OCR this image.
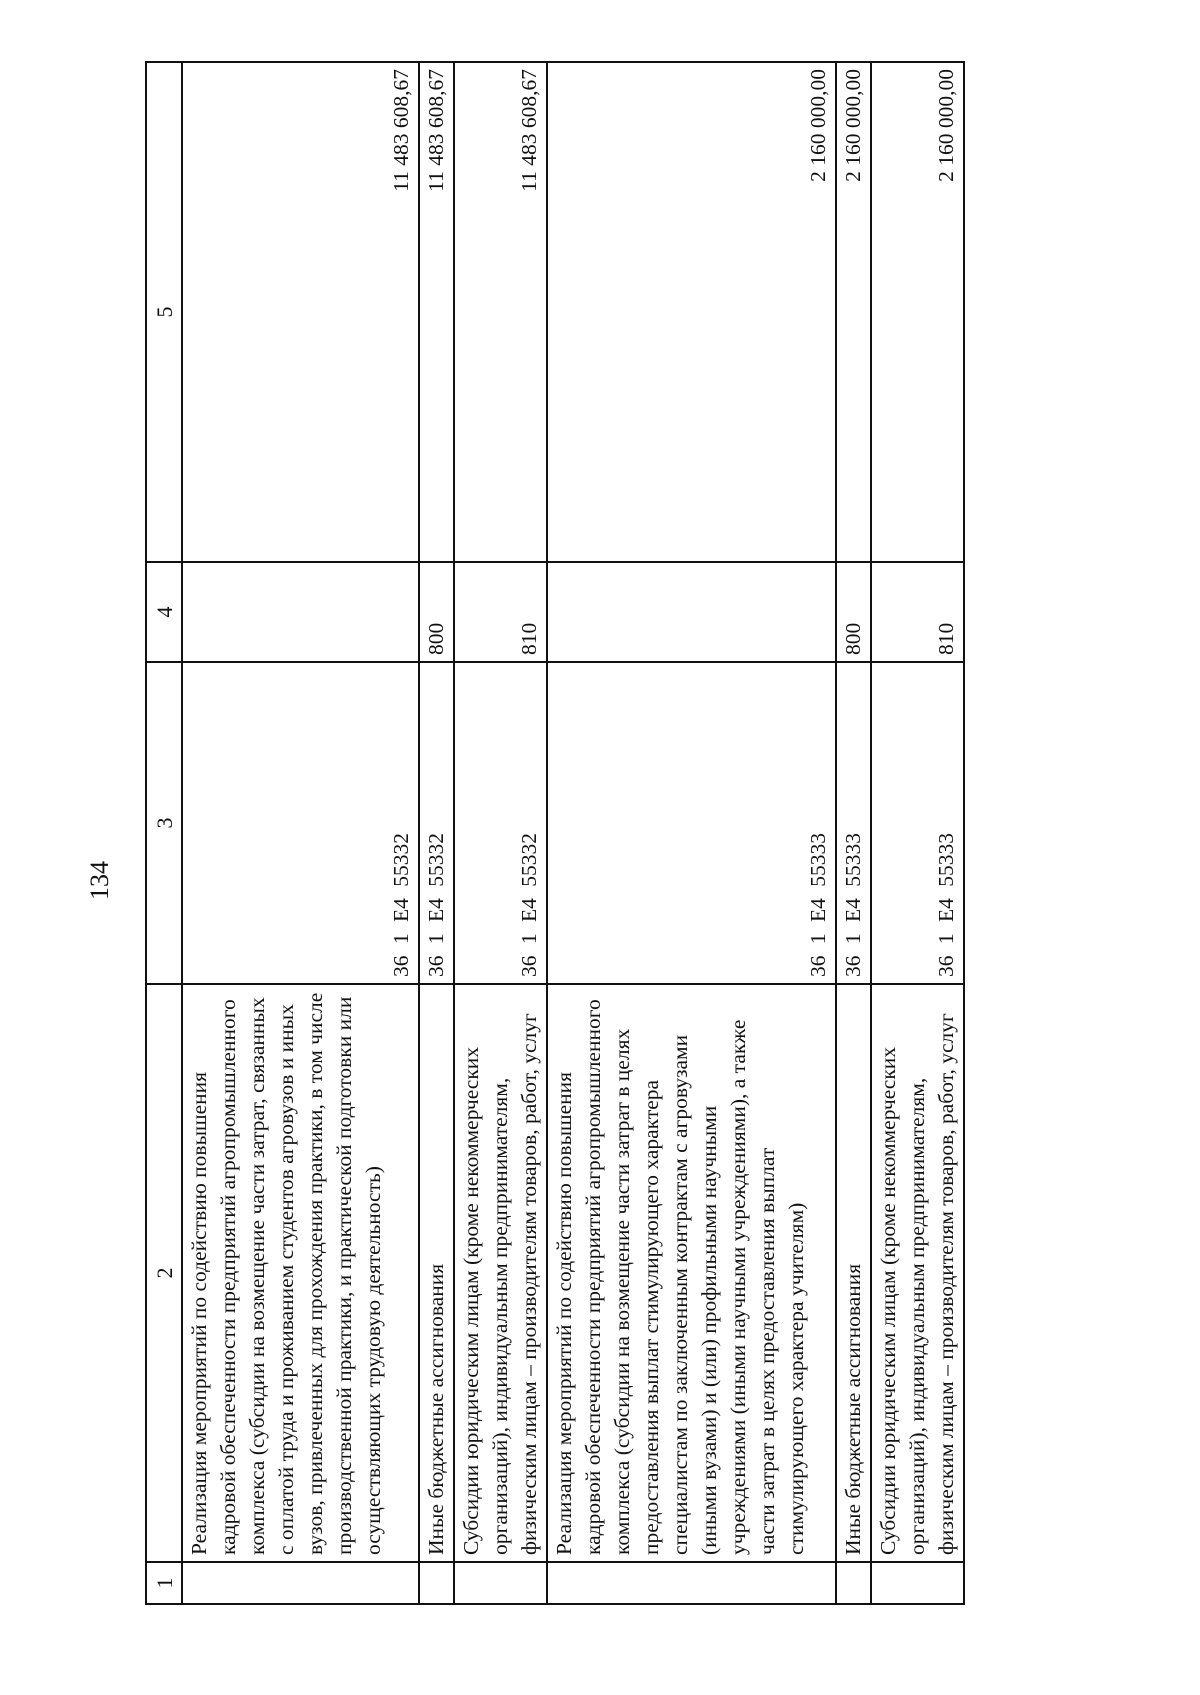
134
1	2	3	4	5
	Реализация мероприятий по содействию повышения кадровой обеспеченности предприятий агропромышленного комплекса (субсидии на возмещение части затрат, связанных с оплатой труда и проживанием студентов агровузов и иных вузов, привлеченных для прохождения практики, в том числе производственной практики, и практической подготовки или осуществляющих трудовую деятельность)	36 1 Е4 55332		11 483 608,67
	Иные бюджетные ассигнования	36 1 Е4 55332	800	11 483 608,67
	Субсидии юридическим лицам (кроме некоммерческих организаций), индивидуальным предпринимателям, физическим лицам – производителям товаров, работ, услуг	36 1 Е4 55332	810	11 483 608,67
	Реализация мероприятий по содействию повышения кадровой обеспеченности предприятий агропромышленного комплекса (субсидии на возмещение части затрат в целях предоставления выплат стимулирующего характера специалистам по заключенным контрактам с агровузами (иными вузами) и (или) профильными научными учреждениями (иными научными учреждениями), а также части затрат в целях предоставления выплат стимулирующего характера учителям)	36 1 Е4 55333		2 160 000,00
	Иные бюджетные ассигнования	36 1 Е4 55333	800	2 160 000,00
	Субсидии юридическим лицам (кроме некоммерческих организаций), индивидуальным предпринимателям, физическим лицам – производителям товаров, работ, услуг	36 1 Е4 55333	810	2 160 000,00
